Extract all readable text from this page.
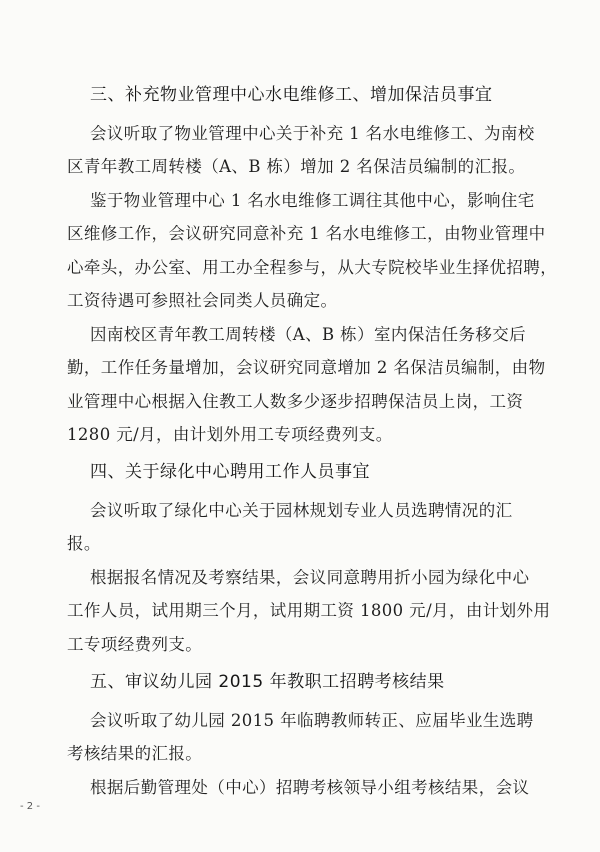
三、补充物业管理中心水电维修工、增加保洁员事宜
会议听取了物业管理中心关于补充 1 名水电维修工、为南校
区青年教工周转楼（A、B 栋）增加 2 名保洁员编制的汇报。
鉴于物业管理中心 1 名水电维修工调往其他中心，影响住宅
区维修工作，会议研究同意补充 1 名水电维修工，由物业管理中
心牵头，办公室、用工办全程参与，从大专院校毕业生择优招聘，
工资待遇可参照社会同类人员确定。
因南校区青年教工周转楼（A、B 栋）室内保洁任务移交后
勤，工作任务量增加，会议研究同意增加 2 名保洁员编制，由物
业管理中心根据入住教工人数多少逐步招聘保洁员上岗，工资
1280 元/月，由计划外用工专项经费列支。
四、关于绿化中心聘用工作人员事宜
会议听取了绿化中心关于园林规划专业人员选聘情况的汇
报。
根据报名情况及考察结果，会议同意聘用折小园为绿化中心
工作人员，试用期三个月，试用期工资 1800 元/月，由计划外用
工专项经费列支。
五、审议幼儿园 2015 年教职工招聘考核结果
会议听取了幼儿园 2015 年临聘教师转正、应届毕业生选聘
考核结果的汇报。
根据后勤管理处（中心）招聘考核领导小组考核结果，会议
- 2 -
